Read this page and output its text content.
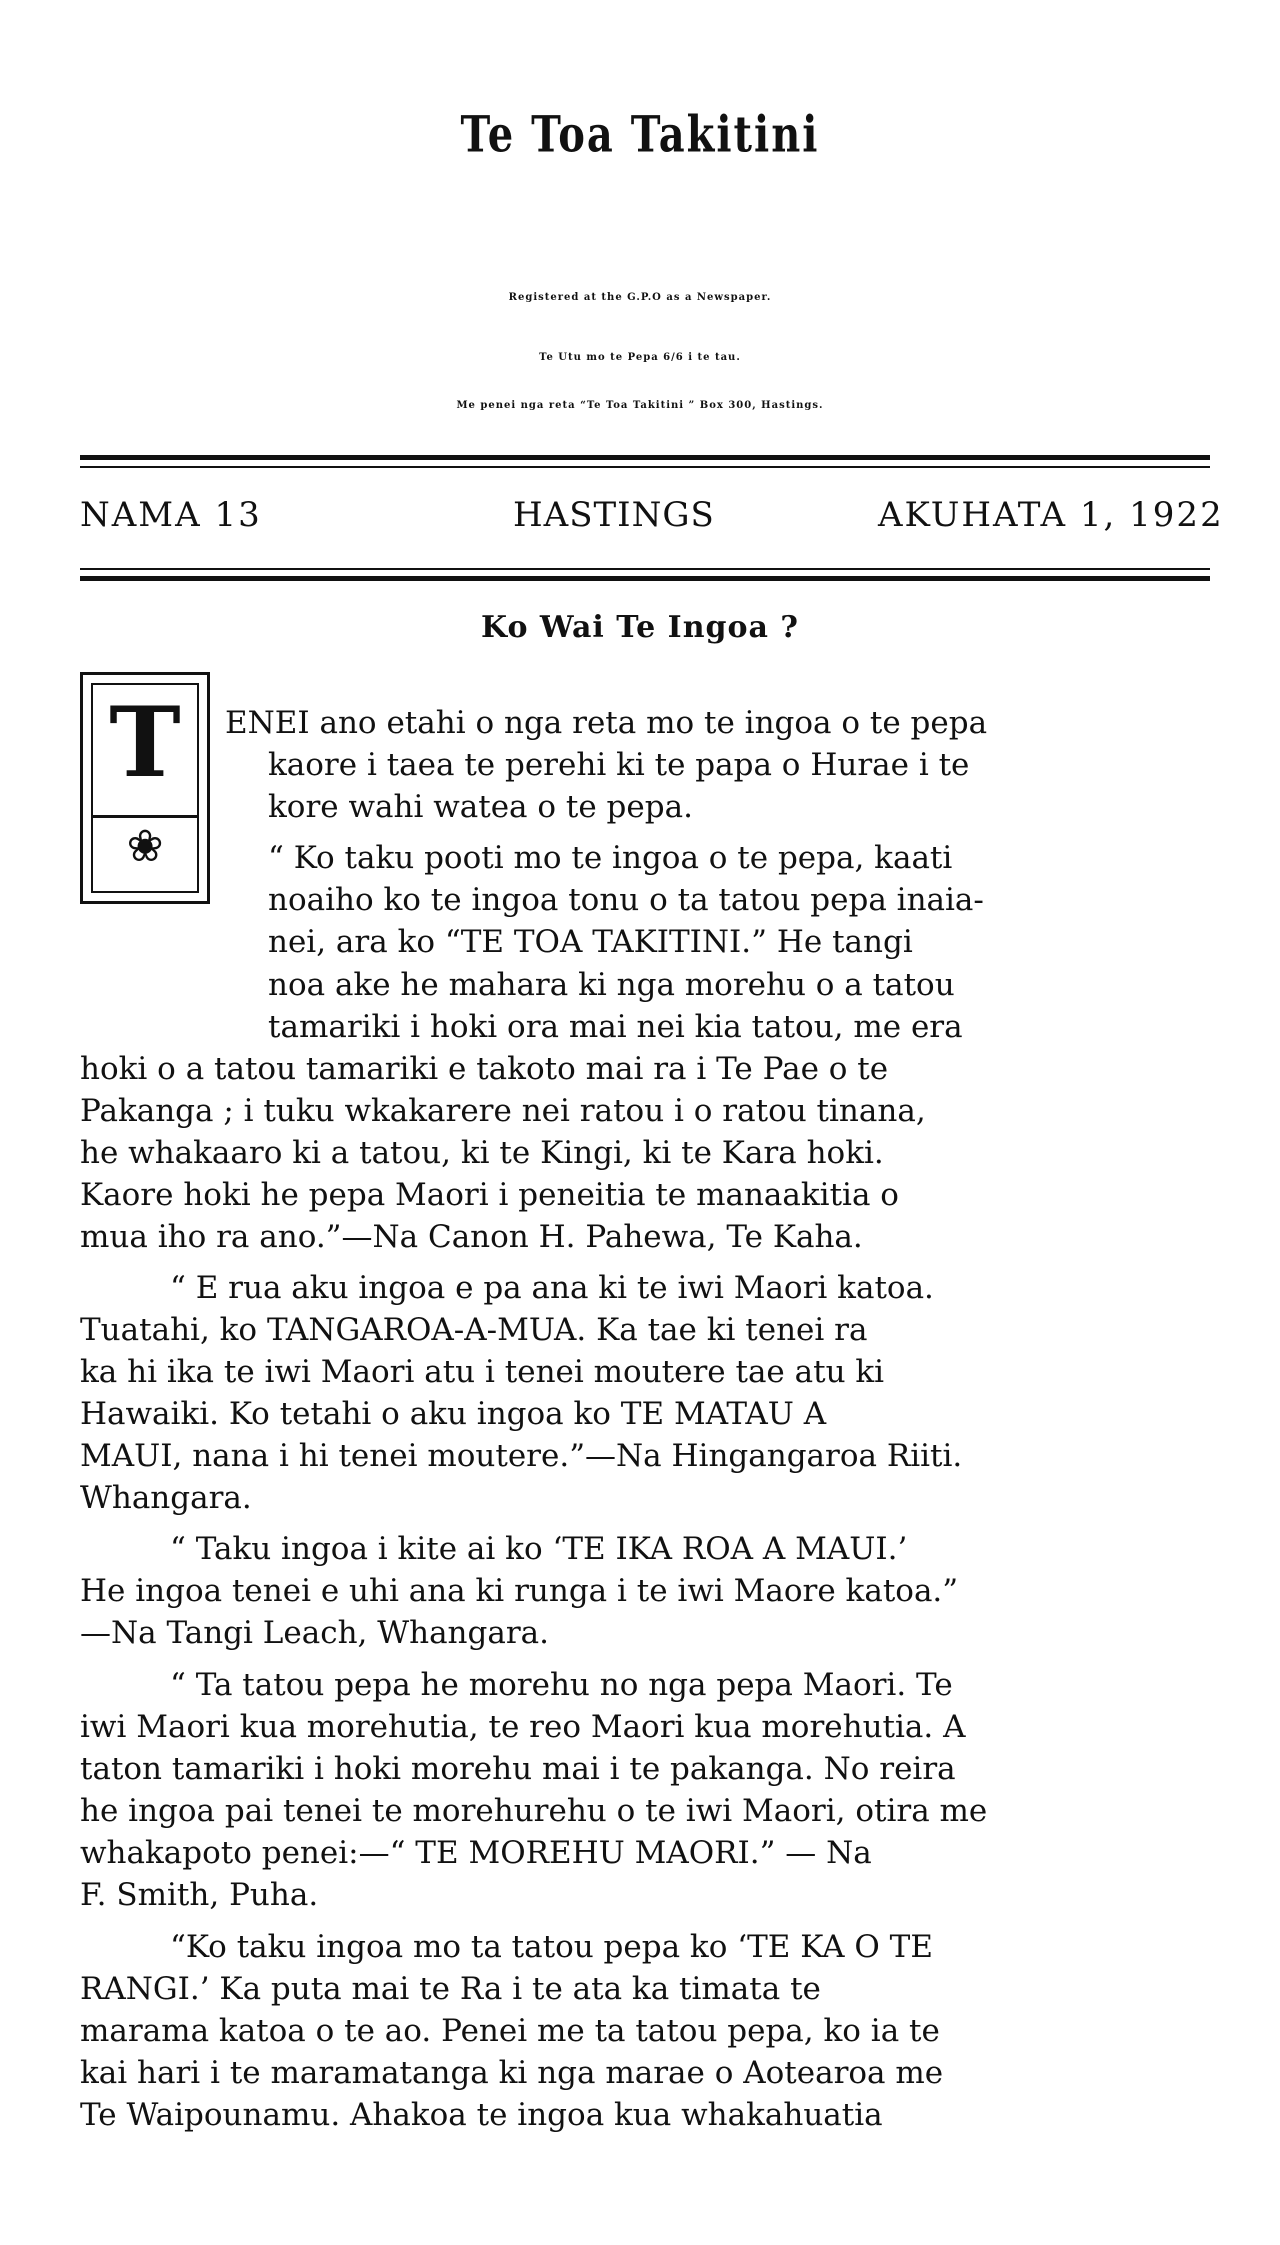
Te Toa Takitini
Registered at the G.P.O as a Newspaper.
Te Utu mo te Pepa 6/6 i te tau.
Me penei nga reta “Te Toa Takitini ” Box 300, Hastings.
NAMA 13	HASTINGS	AKUHATA 1, 1922
Ko Wai Te Ingoa ?
T
❀
ENEI ano etahi o nga reta mo te ingoa o te pepa
kaore i taea te perehi ki te papa o Hurae i te
kore wahi watea o te pepa.
“ Ko taku pooti mo te ingoa o te pepa, kaati
noaiho ko te ingoa tonu o ta tatou pepa inaia-
nei, ara ko “TE TOA TAKITINI.” He tangi
noa ake he mahara ki nga morehu o a tatou
tamariki i hoki ora mai nei kia tatou, me era
hoki o a tatou tamariki e takoto mai ra i Te Pae o te
Pakanga ; i tuku wkakarere nei ratou i o ratou tinana,
he whakaaro ki a tatou, ki te Kingi, ki te Kara hoki.
Kaore hoki he pepa Maori i peneitia te manaakitia o
mua iho ra ano.”—Na Canon H. Pahewa, Te Kaha.
“ E rua aku ingoa e pa ana ki te iwi Maori katoa.
Tuatahi, ko TANGAROA-A-MUA. Ka tae ki tenei ra
ka hi ika te iwi Maori atu i tenei moutere tae atu ki
Hawaiki. Ko tetahi o aku ingoa ko TE MATAU A
MAUI, nana i hi tenei moutere.”—Na Hingangaroa Riiti.
Whangara.
“ Taku ingoa i kite ai ko ‘TE IKA ROA A MAUI.’
He ingoa tenei e uhi ana ki runga i te iwi Maore katoa.”
—Na Tangi Leach, Whangara.
“ Ta tatou pepa he morehu no nga pepa Maori. Te
iwi Maori kua morehutia, te reo Maori kua morehutia. A
taton tamariki i hoki morehu mai i te pakanga. No reira
he ingoa pai tenei te morehurehu o te iwi Maori, otira me
whakapoto penei:—“ TE MOREHU MAORI.” — Na
F. Smith, Puha.
“Ko taku ingoa mo ta tatou pepa ko ‘TE KA O TE
RANGI.’ Ka puta mai te Ra i te ata ka timata te
marama katoa o te ao. Penei me ta tatou pepa, ko ia te
kai hari i te maramatanga ki nga marae o Aotearoa me
Te Waipounamu. Ahakoa te ingoa kua whakahuatia
